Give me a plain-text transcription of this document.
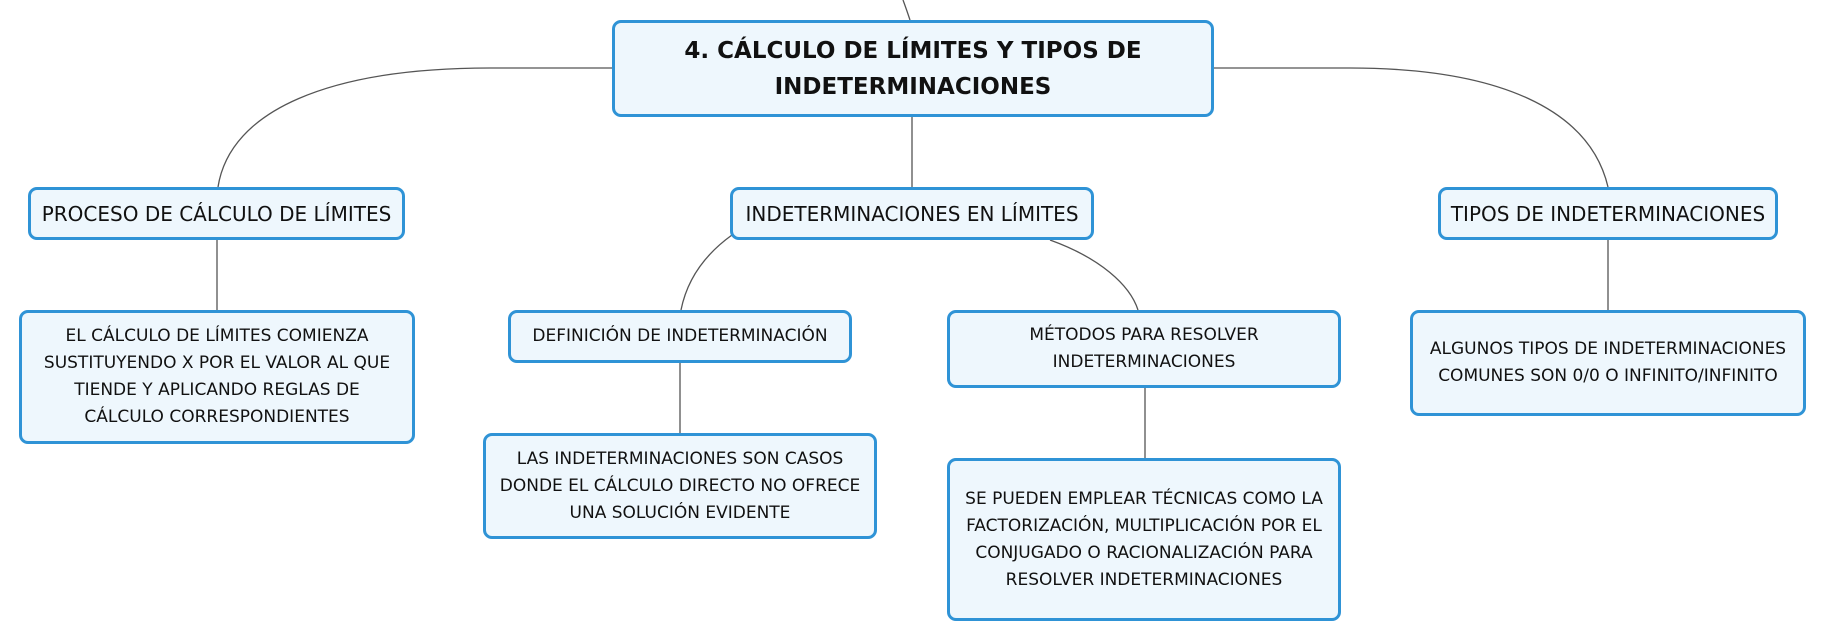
4. CÁLCULO DE LÍMITES Y TIPOS DE INDETERMINACIONES
PROCESO DE CÁLCULO DE LÍMITES	INDETERMINACIONES EN LÍMITES	TIPOS DE INDETERMINACIONES
EL CÁLCULO DE LÍMITES COMIENZA SUSTITUYENDO X POR EL VALOR AL QUE TIENDE Y APLICANDO REGLAS DE CÁLCULO CORRESPONDIENTES
DEFINICIÓN DE INDETERMINACIÓN	MÉTODOS PARA RESOLVER INDETERMINACIONES
ALGUNOS TIPOS DE INDETERMINACIONES COMUNES SON 0/0 O INFINITO/INFINITO
LAS INDETERMINACIONES SON CASOS DONDE EL CÁLCULO DIRECTO NO OFRECE UNA SOLUCIÓN EVIDENTE
SE PUEDEN EMPLEAR TÉCNICAS COMO LA FACTORIZACIÓN, MULTIPLICACIÓN POR EL CONJUGADO O RACIONALIZACIÓN PARA RESOLVER INDETERMINACIONES
